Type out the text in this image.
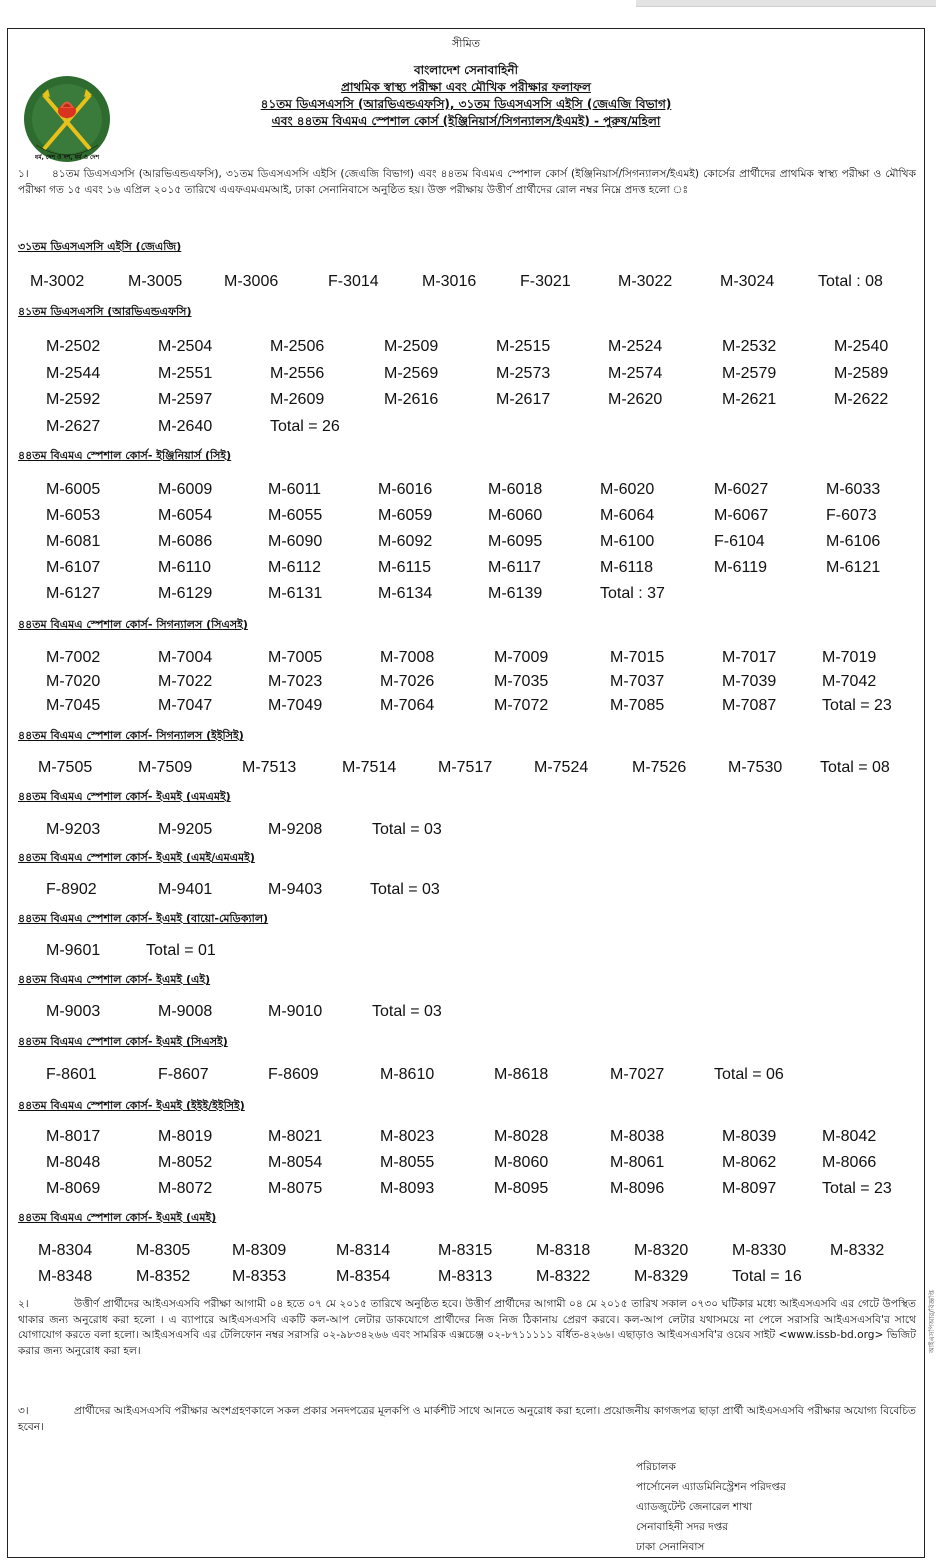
ধর্ম, দেশ ও দশ, ধর্ম ও দেশ
সীমিত
বাংলাদেশ সেনাবাহিনী
প্রাথমিক স্বাস্থ্য পরীক্ষা এবং মৌখিক পরীক্ষার ফলাফল
৪১তম ডিএসএসসি (আরভিএন্ডএফসি), ৩১তম ডিএসএসসি এইসি (জেএজি বিভাগ)
এবং ৪৪তম বিএমএ স্পেশাল কোর্স (ইঞ্জিনিয়ার্স/সিগন্যালস/ইএমই) - পুরুষ/মহিলা
১। ৪১তম ডিএসএসসি (আরভিএন্ডএফসি), ৩১তম ডিএসএসসি এইসি (জেএজি বিভাগ) এবং ৪৪তম বিএমএ স্পেশাল কোর্স (ইঞ্জিনিয়ার্স/সিগন্যালস/ইএমই) কোর্সের প্রার্থীদের প্রাথমিক স্বাস্থ্য পরীক্ষা ও মৌখিক পরীক্ষা গত ১৫ এবং ১৬ এপ্রিল ২০১৫ তারিখে এএফএমএমআই, ঢাকা সেনানিবাসে অনুষ্ঠিত হয়। উক্ত পরীক্ষায় উত্তীর্ণ প্রার্থীদের রোল নম্বর নিম্নে প্রদত্ত হলো ঃ
৩১তম ডিএসএসসি এইসি (জেএজি)
M-3002	M-3005	M-3006	F-3014	M-3016	F-3021	M-3022	M-3024	Total : 08
৪১তম ডিএসএসসি (আরভিএন্ডএফসি)
M-2502	M-2504	M-2506	M-2509	M-2515	M-2524	M-2532	M-2540
M-2544	M-2551	M-2556	M-2569	M-2573	M-2574	M-2579	M-2589
M-2592	M-2597	M-2609	M-2616	M-2617	M-2620	M-2621	M-2622
M-2627	M-2640	Total = 26
৪৪তম বিএমএ স্পেশাল কোর্স- ইঞ্জিনিয়ার্স (সিই)
M-6005	M-6009	M-6011	M-6016	M-6018	M-6020	M-6027	M-6033
M-6053	M-6054	M-6055	M-6059	M-6060	M-6064	M-6067	F-6073
M-6081	M-6086	M-6090	M-6092	M-6095	M-6100	F-6104	M-6106
M-6107	M-6110	M-6112	M-6115	M-6117	M-6118	M-6119	M-6121
M-6127	M-6129	M-6131	M-6134	M-6139	Total : 37
৪৪তম বিএমএ স্পেশাল কোর্স- সিগন্যালস (সিএসই)
M-7002	M-7004	M-7005	M-7008	M-7009	M-7015	M-7017	M-7019
M-7020	M-7022	M-7023	M-7026	M-7035	M-7037	M-7039	M-7042
M-7045	M-7047	M-7049	M-7064	M-7072	M-7085	M-7087	Total = 23
৪৪তম বিএমএ স্পেশাল কোর্স- সিগন্যালস (ইইসিই)
M-7505	M-7509	M-7513	M-7514	M-7517	M-7524	M-7526	M-7530 Total = 08
৪৪তম বিএমএ স্পেশাল কোর্স- ইএমই (এমএমই)
M-9203	M-9205	M-9208	Total = 03
৪৪তম বিএমএ স্পেশাল কোর্স- ইএমই (এমই/এমএমই)
F-8902	M-9401	M-9403	Total = 03
৪৪তম বিএমএ স্পেশাল কোর্স- ইএমই (বায়ো-মেডিক্যাল)
M-9601	Total = 01
৪৪তম বিএমএ স্পেশাল কোর্স- ইএমই (এই)
M-9003	M-9008	M-9010	Total = 03
৪৪তম বিএমএ স্পেশাল কোর্স- ইএমই (সিএসই)
F-8601	F-8607	F-8609	M-8610	M-8618	M-7027	Total = 06
৪৪তম বিএমএ স্পেশাল কোর্স- ইএমই (ইইই/ইইসিই)
M-8017	M-8019	M-8021	M-8023	M-8028	M-8038	M-8039	M-8042
M-8048	M-8052	M-8054	M-8055	M-8060	M-8061	M-8062	M-8066
M-8069	M-8072	M-8075	M-8093	M-8095	M-8096	M-8097	Total = 23
৪৪তম বিএমএ স্পেশাল কোর্স- ইএমই (এমই)
M-8304	M-8305	M-8309	M-8314	M-8315	M-8318	M-8320	M-8330	M-8332
M-8348	M-8352	M-8353	M-8354	M-8313	M-8322	M-8329	Total = 16
২।	উত্তীর্ণ প্রার্থীদের আইএসএসবি পরীক্ষা আগামী ০৪ হতে ০৭ মে ২০১৫ তারিখে অনুষ্ঠিত হবে। উত্তীর্ণ প্রার্থীদের আগামী ০৪ মে ২০১৫ তারিখ সকাল ০৭৩০ ঘটিকার মধ্যে আইএসএসবি এর গেটে উপস্থিত থাকার জন্য অনুরোধ করা হলো । এ ব্যাপারে আইএসএসবি একটি কল-আপ লেটার ডাকযোগে প্রার্থীদের নিজ নিজ ঠিকানায় প্রেরণ করবে। কল-আপ লেটার যথাসময়ে না পেলে সরাসরি আইএসএসবি'র সাথে যোগাযোগ করতে বলা হলো। আইএসএসবি এর টেলিফোন নম্বর সরাসরি ০২-৯৮৩৪২৬৬ এবং সামরিক এক্সচেঞ্জ ০২-৮৭১১১১১ বর্ধিত-৪২৬৬। এছাড়াও আইএসএসবি'র ওয়েব সাইট <www.issb-bd.org> ভিজিট করার জন্য অনুরোধ করা হল।
৩।	প্রার্থীদের আইএসএসবি পরীক্ষার অংশগ্রহণকালে সকল প্রকার সনদপত্রের মূলকপি ও মার্কশীট সাথে আনতে অনুরোধ করা হলো। প্রয়োজনীয় কাগজপত্র ছাড়া প্রার্থী আইএসএসবি পরীক্ষার অযোগ্য বিবেচিত হবেন।
পরিচালক
পার্সোনেল এ্যাডমিনিস্ট্রেশন পরিদপ্তর
এ্যাডজুটেন্ট জেনারেল শাখা
সেনাবাহিনী সদর দপ্তর
ঢাকা সেনানিবাস
আইএসপিআর/বিজ্ঞপ্তি
